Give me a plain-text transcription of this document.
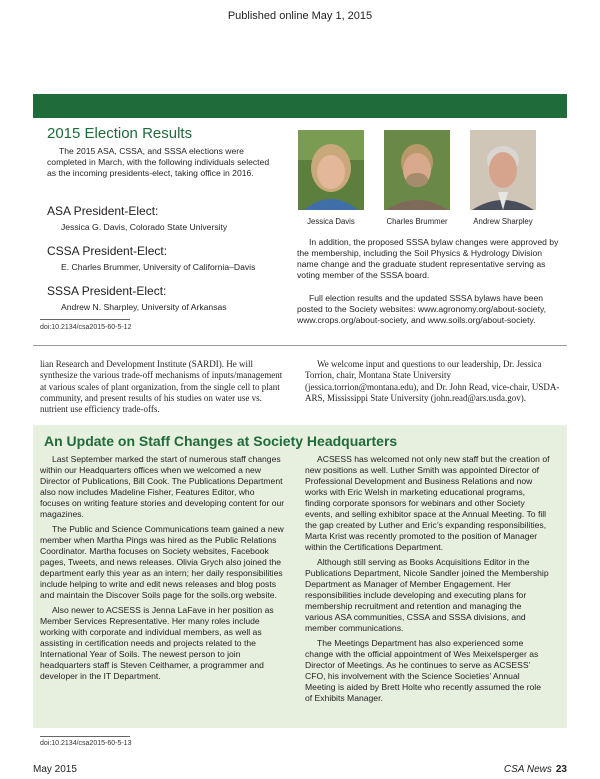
Published online May 1, 2015
2015 Election Results

The 2015 ASA, CSSA, and SSSA elections were completed in March, with the following individuals selected as the incoming presidents-elect, taking office in 2016.

ASA President-Elect:
Jessica G. Davis, Colorado State University
CSSA President-Elect:
E. Charles Brummer, University of California–Davis
SSSA President-Elect:
Andrew N. Sharpley, University of Arkansas
doi:10.2134/csa2015-60-5-12
Jessica Davis	Charles Brummer	Andrew Sharpley

In addition, the proposed SSSA bylaw changes were approved by the membership, including the Soil Physics & Hydrology Division name change and the graduate student representative serving as voting member of the SSSA board.

Full election results and the updated SSSA bylaws have been posted to the Society websites: www.agronomy.org/about-society, www.crops.org/about-society, and www.soils.org/about-society.

lian Research and Development Institute (SARDI). He will synthesize the various trade-off mechanisms of inputs/management at various scales of plant organization, from the single cell to plant community, and present results of his studies on water use vs. nutrient use efficiency trade-offs.

We welcome input and questions to our leadership, Dr. Jessica Torrion, chair, Montana State University (jessica.torrion@montana.edu), and Dr. John Read, vice-chair, USDA-ARS, Mississippi State University (john.read@ars.usda.gov).

An Update on Staff Changes at Society Headquarters

Last September marked the start of numerous staff changes within our Headquarters offices when we welcomed a new Director of Publications, Bill Cook. The Publications Department also now includes Madeline Fisher, Features Editor, who focuses on writing feature stories and developing content for our magazines.

The Public and Science Communications team gained a new member when Martha Pings was hired as the Public Relations Coordinator. Martha focuses on Society websites, Facebook pages, Tweets, and news releases. Olivia Grych also joined the department early this year as an intern; her daily responsibilities include helping to write and edit news releases and blog posts and maintain the Discover Soils page for the soils.org website.

Also newer to ACSESS is Jenna LaFave in her position as Member Services Representative. Her many roles include working with corporate and individual members, as well as assisting in certification needs and projects related to the International Year of Soils. The newest person to join headquarters staff is Steven Ceithamer, a programmer and developer in the IT Department.

ACSESS has welcomed not only new staff but the creation of new positions as well. Luther Smith was appointed Director of Professional Development and Business Relations and now works with Eric Welsh in marketing educational programs, finding corporate sponsors for webinars and other Society events, and selling exhibitor space at the Annual Meeting. To fill the gap created by Luther and Eric’s expanding responsibilities, Marta Krist was recently promoted to the position of Manager within the Certifications Department.

Although still serving as Books Acquisitions Editor in the Publications Department, Nicole Sandler joined the Membership Department as Manager of Member Engagement. Her responsibilities include developing and executing plans for membership recruitment and retention and managing the various ASA communities, CSSA and SSSA divisions, and member communications.

The Meetings Department has also experienced some change with the official appointment of Wes Meixelsperger as Director of Meetings. As he continues to serve as ACSESS’ CFO, his involvement with the Science Societies’ Annual Meeting is aided by Brett Holte who recently assumed the role of Exhibits Manager.

doi:10.2134/csa2015-60-5-13
May 2015	CSA News 23
